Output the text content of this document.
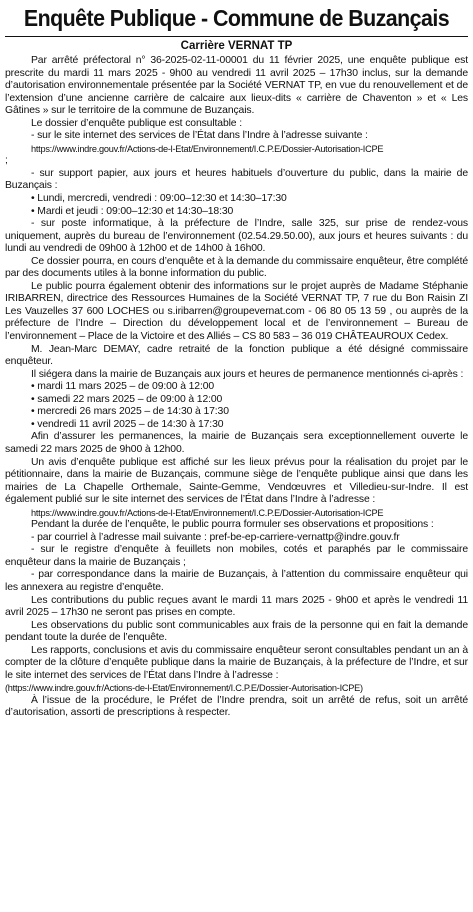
Enquête Publique - Commune de Buzançais
Carrière VERNAT TP

Par arrêté préfectoral n° 36-2025-02-11-00001 du 11 février 2025, une enquête publique est prescrite du mardi 11 mars 2025 - 9h00 au vendredi 11 avril 2025 – 17h30 inclus, sur la demande d’autorisation environnementale présentée par la Société VERNAT TP, en vue du renouvellement et de l’extension d’une ancienne carrière de calcaire aux lieux-dits « carrière de Chaventon » et « Les Gâtines » sur le territoire de la commune de Buzançais.

Le dossier d’enquête publique est consultable :

- sur le site internet des services de l’État dans l’Indre à l’adresse suivante :

https://www.indre.gouv.fr/Actions-de-l-Etat/Environnement/I.C.P.E/Dossier-Autorisation-ICPE

;

- sur support papier, aux jours et heures habituels d’ouverture du public, dans la mairie de Buzançais :

• Lundi, mercredi, vendredi : 09:00–12:30 et 14:30–17:30

• Mardi et jeudi : 09:00–12:30 et 14:30–18:30

- sur poste informatique, à la préfecture de l’Indre, salle 325, sur prise de rendez-vous uniquement, auprès du bureau de l’environnement (02.54.29.50.00), aux jours et heures suivants : du lundi au vendredi de 09h00 à 12h00 et de 14h00 à 16h00.

Ce dossier pourra, en cours d’enquête et à la demande du commissaire enquêteur, être complété par des documents utiles à la bonne information du public.

Le public pourra également obtenir des informations sur le projet auprès de Madame Stéphanie IRIBARREN, directrice des Ressources Humaines de la Société VERNAT TP, 7 rue du Bon Raisin ZI Les Vauzelles 37 600 LOCHES ou s.iribarren@groupevernat.com - 06 80 05 13 59 , ou auprès de la préfecture de l’Indre – Direction du développement local et de l’environnement – Bureau de l’environnement – Place de la Victoire et des Alliés – CS 80 583 – 36 019 CHÂTEAUROUX Cedex.

M. Jean-Marc DEMAY, cadre retraité de la fonction publique a été désigné commissaire enquêteur.

Il siégera dans la mairie de Buzançais aux jours et heures de permanence mentionnés ci-après :

• mardi 11 mars 2025 – de 09:00 à 12:00

• samedi 22 mars 2025 – de 09:00 à 12:00

• mercredi 26 mars 2025 – de 14:30 à 17:30

• vendredi 11 avril 2025 – de 14:30 à 17:30

Afin d’assurer les permanences, la mairie de Buzançais sera exceptionnellement ouverte le samedi 22 mars 2025 de 9h00 à 12h00.

Un avis d’enquête publique est affiché sur les lieux prévus pour la réalisation du projet par le pétitionnaire, dans la mairie de Buzançais, commune siège de l’enquête publique ainsi que dans les mairies de La Chapelle Orthemale, Sainte-Gemme, Vendœuvres et Villedieu-sur-Indre. Il est également publié sur le site internet des services de l’État dans l’Indre à l’adresse :

https://www.indre.gouv.fr/Actions-de-l-Etat/Environnement/I.C.P.E/Dossier-Autorisation-ICPE

Pendant la durée de l’enquête, le public pourra formuler ses observations et propositions :

- par courriel à l’adresse mail suivante : pref-be-ep-carriere-vernattp@indre.gouv.fr

- sur le registre d’enquête à feuillets non mobiles, cotés et paraphés par le commissaire enquêteur dans la mairie de Buzançais ;

- par correspondance dans la mairie de Buzançais, à l’attention du commissaire enquêteur qui les annexera au registre d’enquête.

Les contributions du public reçues avant le mardi 11 mars 2025 - 9h00 et après le vendredi 11 avril 2025 – 17h30 ne seront pas prises en compte.

Les observations du public sont communicables aux frais de la personne qui en fait la demande pendant toute la durée de l’enquête.

Les rapports, conclusions et avis du commissaire enquêteur seront consultables pendant un an à compter de la clôture d’enquête publique dans la mairie de Buzançais, à la préfecture de l’Indre, et sur le site internet des services de l’État dans l’Indre à l’adresse :

(https://www.indre.gouv.fr/Actions-de-l-Etat/Environnement/I.C.P.E/Dossier-Autorisation-ICPE)

À l’issue de la procédure, le Préfet de l’Indre prendra, soit un arrêté de refus, soit un arrêté d’autorisation, assorti de prescriptions à respecter.
